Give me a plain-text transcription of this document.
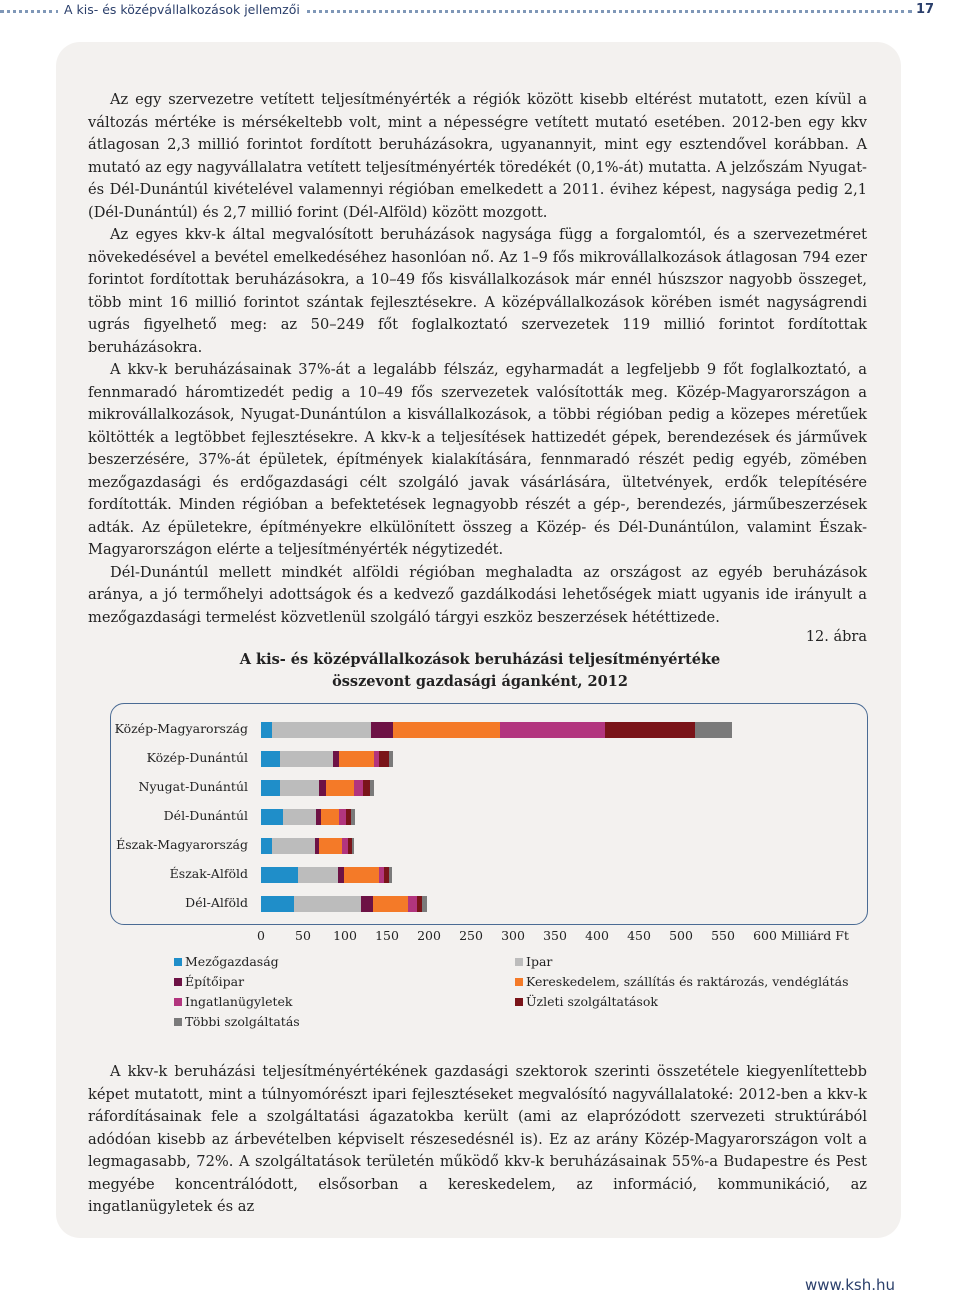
A kis- és középvállalkozások jellemzői	17

Az egy szervezetre vetített teljesítményérték a régiók között kisebb eltérést mutatott, ezen kívül a változás mértéke is mérsékeltebb volt, mint a népességre vetített mutató esetében. 2012-ben egy kkv átlagosan 2,3 millió forintot fordított beruházásokra, ugyanannyit, mint egy esztendővel korábban. A mutató az egy nagyvállalatra vetített teljesítményérték töredékét (0,1%-át) mutatta. A jelzőszám Nyugat- és Dél-Dunántúl kivételével valamennyi régióban emelkedett a 2011. évihez képest, nagysága pedig 2,1 (Dél-Dunántúl) és 2,7 millió forint (Dél-Alföld) között mozgott.

Az egyes kkv-k által megvalósított beruházások nagysága függ a forgalomtól, és a szervezetméret növekedésével a bevétel emelkedéséhez hasonlóan nő. Az 1–9 fős mikrovállalkozások átlagosan 794 ezer forintot fordítottak beruházásokra, a 10–49 fős kisvállalkozások már ennél húszszor nagyobb összeget, több mint 16 millió forintot szántak fejlesztésekre. A középvállalkozások körében ismét nagyságrendi ugrás figyelhető meg: az 50–249 főt foglalkoztató szervezetek 119 millió forintot fordítottak beruházásokra.

A kkv-k beruházásainak 37%-át a legalább félszáz, egyharmadát a legfeljebb 9 főt foglalkoztató, a fennmaradó háromtizedét pedig a 10–49 fős szervezetek valósították meg. Közép-Magyarországon a mikrovállalkozások, Nyugat-Dunántúlon a kisvállalkozások, a többi régióban pedig a közepes méretűek költötték a legtöbbet fejlesztésekre. A kkv-k a teljesítések hattizedét gépek, berendezések és járművek beszerzésére, 37%-át épületek, építmények kialakítására, fennmaradó részét pedig egyéb, zömében mezőgazdasági és erdőgazdasági célt szolgáló javak vásárlására, ültetvények, erdők telepítésére fordították. Minden régióban a befektetések legnagyobb részét a gép-, berendezés, járműbeszerzések adták. Az épületekre, építményekre elkülönített összeg a Közép- és Dél-Dunántúlon, valamint Észak-Magyarországon elérte a teljesítményérték négytizedét.

Dél-Dunántúl mellett mindkét alföldi régióban meghaladta az országost az egyéb beruházások aránya, a jó termőhelyi adottságok és a kedvező gazdálkodási lehetőségek miatt ugyanis ide irányult a mezőgazdasági termelést közvetlenül szolgáló tárgyi eszköz beszerzések hététtizede.

12. ábra
A kis- és középvállalkozások beruházási teljesítményértéke
összevont gazdasági áganként, 2012
Közép-Magyarország
Közép-Dunántúl
Nyugat-Dunántúl
Dél-Dunántúl
Észak-Magyarország
Észak-Alföld
Dél-Alföld
0 50 100 150 200 250 300 350 400 450 500 550 600 Milliárd Ft
Mezőgazdaság	Ipar
Építőipar	Kereskedelem, szállítás és raktározás, vendéglátás
Ingatlanügyletek	Üzleti szolgáltatások
Többi szolgáltatás

A kkv-k beruházási teljesítményértékének gazdasági szektorok szerinti összetétele kiegyenlítettebb képet mutatott, mint a túlnyomórészt ipari fejlesztéseket megvalósító nagyvállalatoké: 2012-ben a kkv-k ráfordításainak fele a szolgáltatási ágazatokba került (ami az elaprózódott szervezeti struktúrából adódóan kisebb az árbevételben képviselt részesedésnél is). Ez az arány Közép-Magyarországon volt a legmagasabb, 72%. A szolgáltatások területén működő kkv-k beruházásainak 55%-a Budapestre és Pest megyébe koncentrálódott, elsősorban a kereskedelem, az információ, kommunikáció, az ingatlanügyletek és az

www.ksh.hu
